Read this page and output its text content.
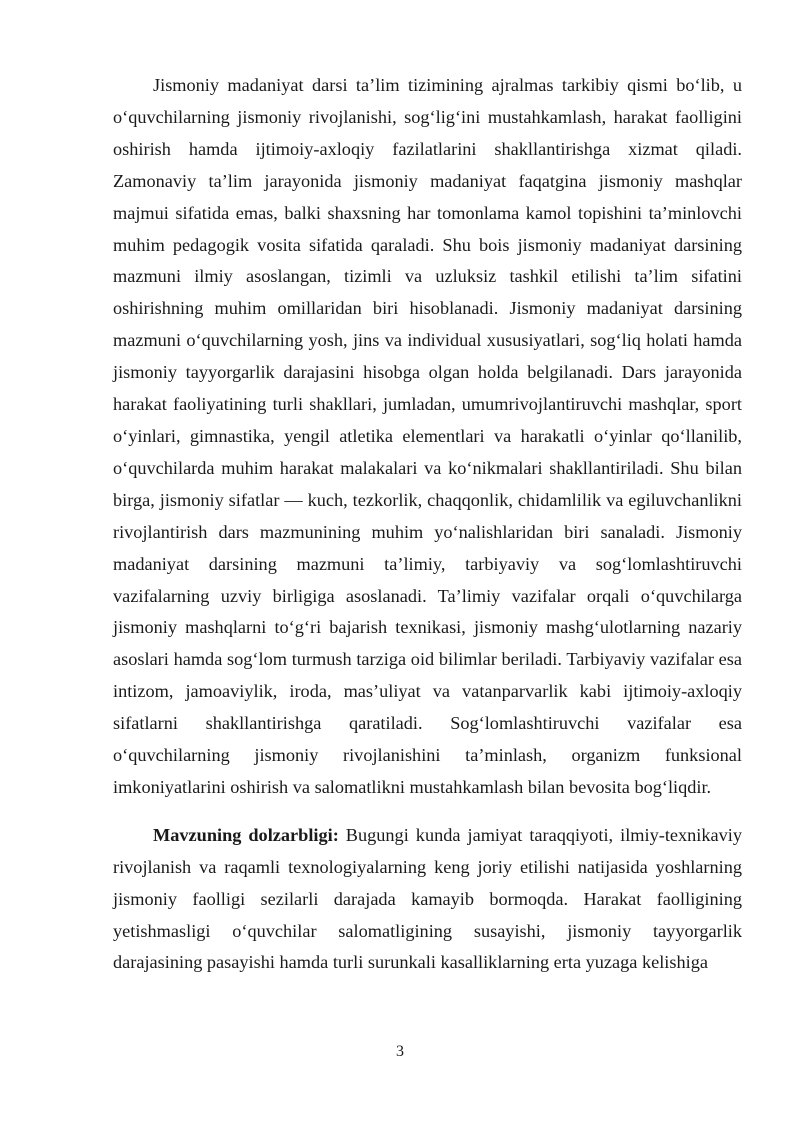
Jismoniy madaniyat darsi ta’lim tizimining ajralmas tarkibiy qismi bo‘lib, u o‘quvchilarning jismoniy rivojlanishi, sog‘lig‘ini mustahkamlash, harakat faolligini oshirish hamda ijtimoiy-axloqiy fazilatlarini shakllantirishga xizmat qiladi. Zamonaviy ta’lim jarayonida jismoniy madaniyat faqatgina jismoniy mashqlar majmui sifatida emas, balki shaxsning har tomonlama kamol topishini ta’minlovchi muhim pedagogik vosita sifatida qaraladi. Shu bois jismoniy madaniyat darsining mazmuni ilmiy asoslangan, tizimli va uzluksiz tashkil etilishi ta’lim sifatini oshirishning muhim omillaridan biri hisoblanadi. Jismoniy madaniyat darsining mazmuni o‘quvchilarning yosh, jins va individual xususiyatlari, sog‘liq holati hamda jismoniy tayyorgarlik darajasini hisobga olgan holda belgilanadi. Dars jarayonida harakat faoliyatining turli shakllari, jumladan, umumrivojlantiruvchi mashqlar, sport o‘yinlari, gimnastika, yengil atletika elementlari va harakatli o‘yinlar qo‘llanilib, o‘quvchilarda muhim harakat malakalari va ko‘nikmalari shakllantiriladi. Shu bilan birga, jismoniy sifatlar — kuch, tezkorlik, chaqqonlik, chidamlilik va egiluvchanlikni rivojlantirish dars mazmunining muhim yo‘nalishlaridan biri sanaladi. Jismoniy madaniyat darsining mazmuni ta’limiy, tarbiyaviy va sog‘lomlashtiruvchi vazifalarning uzviy birligiga asoslanadi. Ta’limiy vazifalar orqali o‘quvchilarga jismoniy mashqlarni to‘g‘ri bajarish texnikasi, jismoniy mashg‘ulotlarning nazariy asoslari hamda sog‘lom turmush tarziga oid bilimlar beriladi. Tarbiyaviy vazifalar esa intizom, jamoaviylik, iroda, mas’uliyat va vatanparvarlik kabi ijtimoiy-axloqiy sifatlarni shakllantirishga qaratiladi. Sog‘lomlashtiruvchi vazifalar esa o‘quvchilarning jismoniy rivojlanishini ta’minlash, organizm funksional imkoniyatlarini oshirish va salomatlikni mustahkamlash bilan bevosita bog‘liqdir.

Mavzuning dolzarbligi: Bugungi kunda jamiyat taraqqiyoti, ilmiy-texnikaviy rivojlanish va raqamli texnologiyalarning keng joriy etilishi natijasida yoshlarning jismoniy faolligi sezilarli darajada kamayib bormoqda. Harakat faolligining yetishmasligi o‘quvchilar salomatligining susayishi, jismoniy tayyorgarlik darajasining pasayishi hamda turli surunkali kasalliklarning erta yuzaga kelishiga

3
